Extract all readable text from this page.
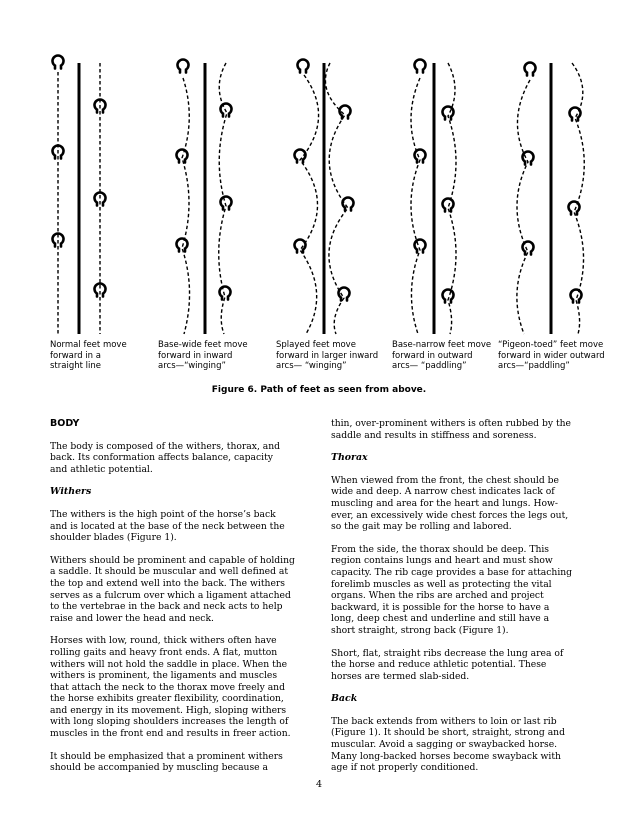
Normal feet move
forward in a
straight line
Base-wide feet move
forward in inward
arcs—“winging”
Splayed feet move
forward in larger inward
arcs— “winging”
Base-narrow feet move
forward in outward
arcs— “paddling”
“Pigeon-toed” feet move
forward in wider outward
arcs—“paddling”
Figure 6. Path of feet as seen from above.

BODY

The body is composed of the withers, thorax, and
back. Its conformation affects balance, capacity
and athletic potential.

Withers

The withers is the high point of the horse’s back
and is located at the base of the neck between the
shoulder blades (Figure 1).

Withers should be prominent and capable of holding
a saddle. It should be muscular and well defined at
the top and extend well into the back. The withers
serves as a fulcrum over which a ligament attached
to the vertebrae in the back and neck acts to help
raise and lower the head and neck.

Horses with low, round, thick withers often have
rolling gaits and heavy front ends. A flat, mutton
withers will not hold the saddle in place. When the
withers is prominent, the ligaments and muscles
that attach the neck to the thorax move freely and
the horse exhibits greater flexibility, coordination,
and energy in its movement. High, sloping withers
with long sloping shoulders increases the length of
muscles in the front end and results in freer action.

It should be emphasized that a prominent withers
should be accompanied by muscling because a

thin, over-prominent withers is often rubbed by the
saddle and results in stiffness and soreness.

Thorax

When viewed from the front, the chest should be
wide and deep. A narrow chest indicates lack of
muscling and area for the heart and lungs. How-
ever, an excessively wide chest forces the legs out,
so the gait may be rolling and labored.

From the side, the thorax should be deep. This
region contains lungs and heart and must show
capacity. The rib cage provides a base for attaching
forelimb muscles as well as protecting the vital
organs. When the ribs are arched and project
backward, it is possible for the horse to have a
long, deep chest and underline and still have a
short straight, strong back (Figure 1).

Short, flat, straight ribs decrease the lung area of
the horse and reduce athletic potential. These
horses are termed slab-sided.

Back

The back extends from withers to loin or last rib
(Figure 1). It should be short, straight, strong and
muscular. Avoid a sagging or swaybacked horse.
Many long-backed horses become swayback with
age if not properly conditioned.

4
